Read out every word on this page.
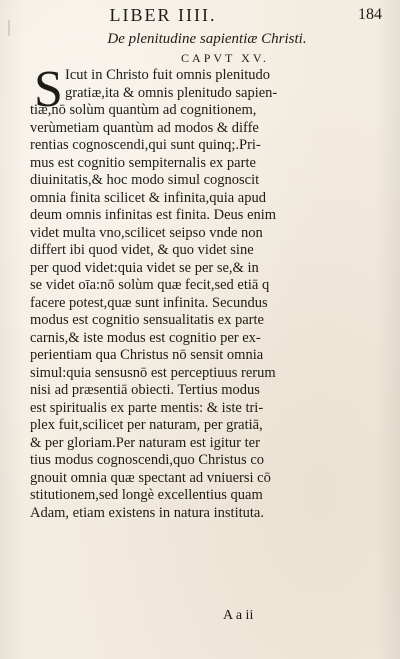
LIBER IIII.	184
De plenitudine sapientiæ Christi.
CAPVT XV.
S Icut in Christo fuit omnis plenitudo
gratiæ,ita & omnis plenitudo sapien-
tiæ,nō solùm quantùm ad cognitionem,
verùmetiam quantùm ad modos & diffe
rentias cognoscendi,qui sunt quinq;.Pri-
mus est cognitio sempiternalis ex parte
diuinitatis,& hoc modo simul cognoscit
omnia finita scilicet & infinita,quia apud
deum omnis infinitas est finita. Deus enim
videt multa vno,scilicet seipso vnde non
differt ibi quod videt, & quo videt sine
per quod videt:quia videt se per se,& in
se videt oīa:nō solùm quæ fecit,sed etiā q
facere potest,quæ sunt infinita. Secundus
modus est cognitio sensualitatis ex parte
carnis,& iste modus est cognitio per ex-
perientiam qua Christus nō sensit omnia
simul:quia sensusnō est perceptiuus rerum
nisi ad præsentiā obiecti. Tertius modus
est spiritualis ex parte mentis: & iste tri-
plex fuit,scilicet per naturam, per gratiā,
& per gloriam.Per naturam est igitur ter
tius modus cognoscendi,quo Christus co
gnouit omnia quæ spectant ad vniuersi cō
stitutionem,sed longè excellentius quam
Adam, etiam existens in natura instituta.
A a ii
